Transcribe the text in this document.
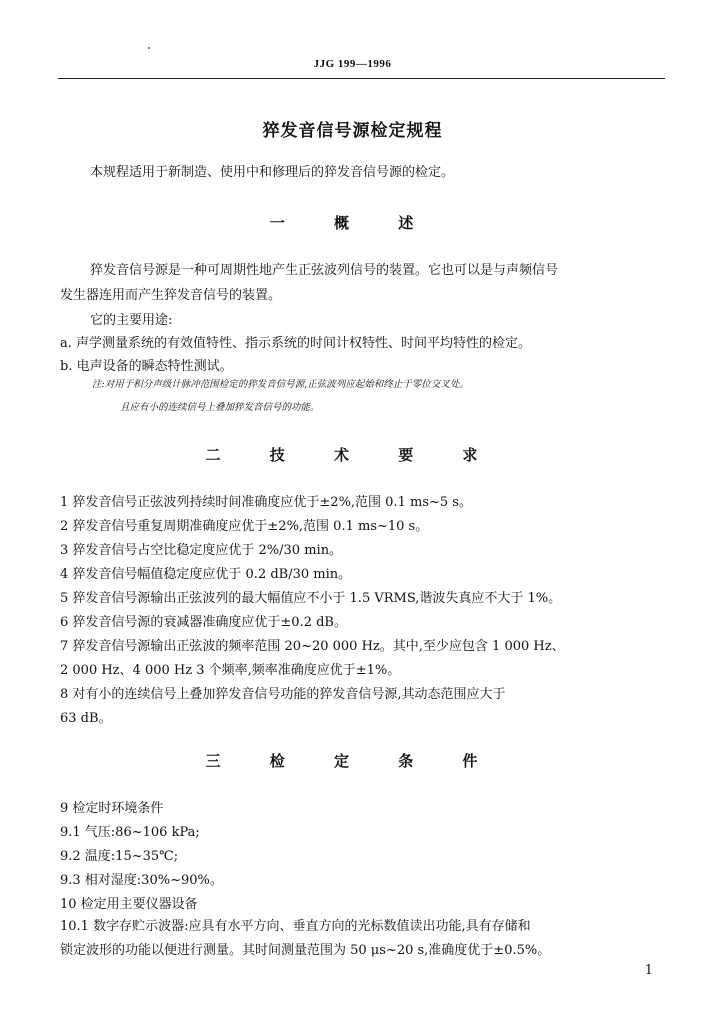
JJG 199—1996
猝发音信号源检定规程
本规程适用于新制造、使用中和修理后的猝发音信号源的检定。
一 概 述
猝发音信号源是一种可周期性地产生正弦波列信号的装置。它也可以是与声频信号
发生器连用而产生猝发音信号的装置。
它的主要用途:
a. 声学测量系统的有效值特性、指示系统的时间计权特性、时间平均特性的检定。
b. 电声设备的瞬态特性测试。
注:对用于积分声级计脉冲范围检定的猝发音信号源,正弦波列应起始和终止于零位交叉处。
且应有小的连续信号上叠加猝发音信号的功能。
二 技 术 要 求
1 猝发音信号正弦波列持续时间准确度应优于±2%,范围 0.1 ms~5 s。
2 猝发音信号重复周期准确度应优于±2%,范围 0.1 ms~10 s。
3 猝发音信号占空比稳定度应优于 2%/30 min。
4 猝发音信号幅值稳定度应优于 0.2 dB/30 min。
5 猝发音信号源输出正弦波列的最大幅值应不小于 1.5 VRMS,谐波失真应不大于 1%。
6 猝发音信号源的衰减器准确度应优于±0.2 dB。
7 猝发音信号源输出正弦波的频率范围 20~20 000 Hz。其中,至少应包含 1 000 Hz、
2 000 Hz、4 000 Hz 3 个频率,频率准确度应优于±1%。
8 对有小的连续信号上叠加猝发音信号功能的猝发音信号源,其动态范围应大于
63 dB。
三 检 定 条 件
9 检定时环境条件
9.1 气压:86~106 kPa;
9.2 温度:15~35℃;
9.3 相对湿度:30%~90%。
10 检定用主要仪器设备
10.1 数字存贮示波器:应具有水平方向、垂直方向的光标数值读出功能,具有存储和
锁定波形的功能以便进行测量。其时间测量范围为 50 μs~20 s,准确度优于±0.5%。
1
